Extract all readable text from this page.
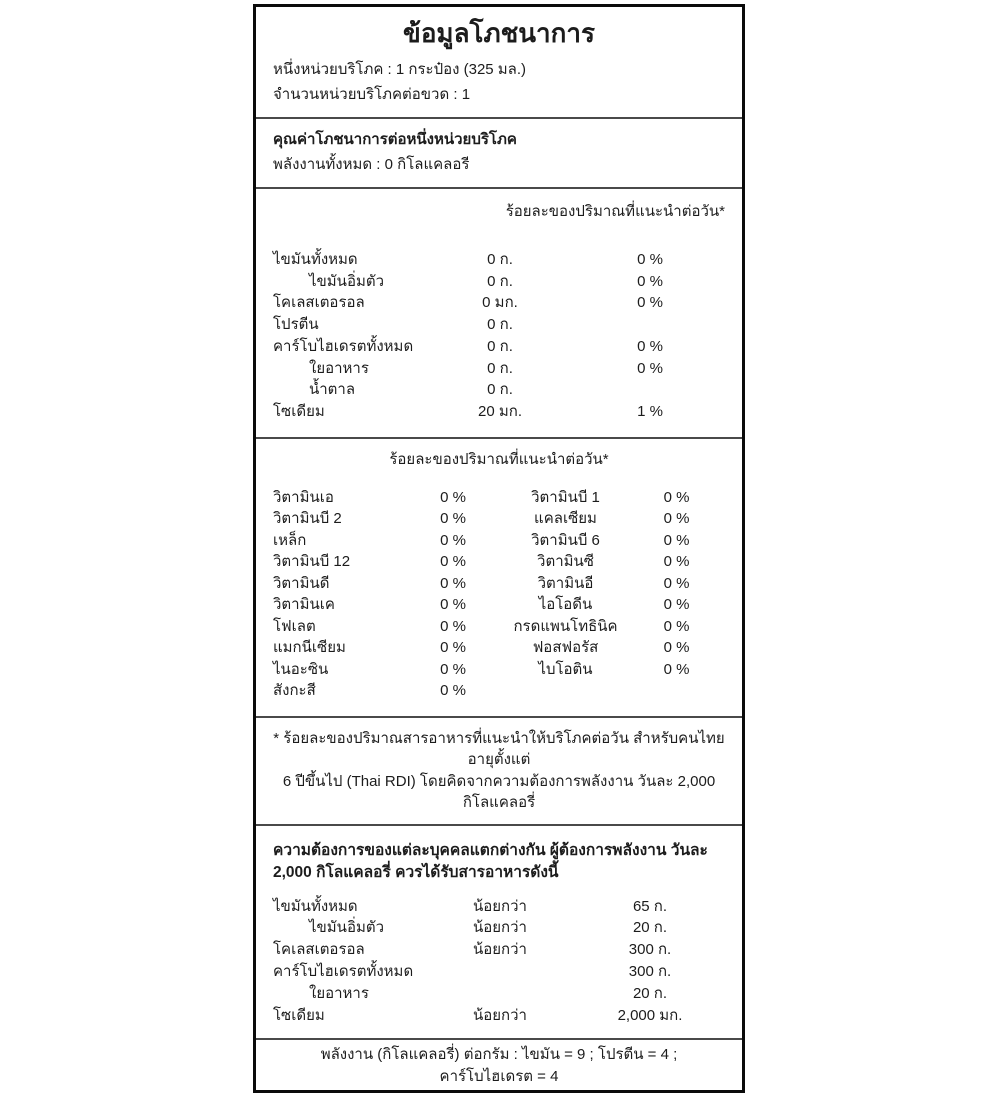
ข้อมูลโภชนาการ
หนึ่งหน่วยบริโภค : 1 กระป๋อง (325 มล.)
จำนวนหน่วยบริโภคต่อขวด : 1
คุณค่าโภชนาการต่อหนึ่งหน่วยบริโภค
พลังงานทั้งหมด : 0 กิโลแคลอรี
ร้อยละของปริมาณที่แนะนำต่อวัน*
ไขมันทั้งหมด	0 ก.	0 %
ไขมันอิ่มตัว	0 ก.	0 %
โคเลสเตอรอล	0 มก.	0 %
โปรตีน	0 ก.
คาร์โบไฮเดรตทั้งหมด	0 ก.	0 %
ใยอาหาร	0 ก.	0 %
น้ำตาล	0 ก.
โซเดียม	20 มก.	1 %
ร้อยละของปริมาณที่แนะนำต่อวัน*
วิตามินเอ	0 %	วิตามินบี 1	0 %
วิตามินบี 2	0 %	แคลเซียม	0 %
เหล็ก	0 %	วิตามินบี 6	0 %
วิตามินบี 12	0 %	วิตามินซี	0 %
วิตามินดี	0 %	วิตามินอี	0 %
วิตามินเค	0 %	ไอโอดีน	0 %
โฟเลต	0 %	กรดแพนโทธินิค	0 %
แมกนีเซียม	0 %	ฟอสฟอรัส	0 %
ไนอะซิน	0 %	ไบโอติน	0 %
สังกะสี	0 %
* ร้อยละของปริมาณสารอาหารที่แนะนำให้บริโภคต่อวัน สำหรับคนไทยอายุตั้งแต่
6 ปีขึ้นไป (Thai RDI) โดยคิดจากความต้องการพลังงาน วันละ 2,000 กิโลแคลอรี่
ความต้องการของแต่ละบุคคลแตกต่างกัน ผู้ต้องการพลังงาน วันละ 2,000 กิโลแคลอรี่ ควรได้รับสารอาหารดังนี้
ไขมันทั้งหมด	น้อยกว่า	65 ก.
ไขมันอิ่มตัว	น้อยกว่า	20 ก.
โคเลสเตอรอล	น้อยกว่า	300 ก.
คาร์โบไฮเดรตทั้งหมด	300 ก.
ใยอาหาร	20 ก.
โซเดียม	น้อยกว่า	2,000 มก.
พลังงาน (กิโลแคลอรี่) ต่อกรัม : ไขมัน = 9 ; โปรตีน = 4 ; คาร์โบไฮเดรต = 4
